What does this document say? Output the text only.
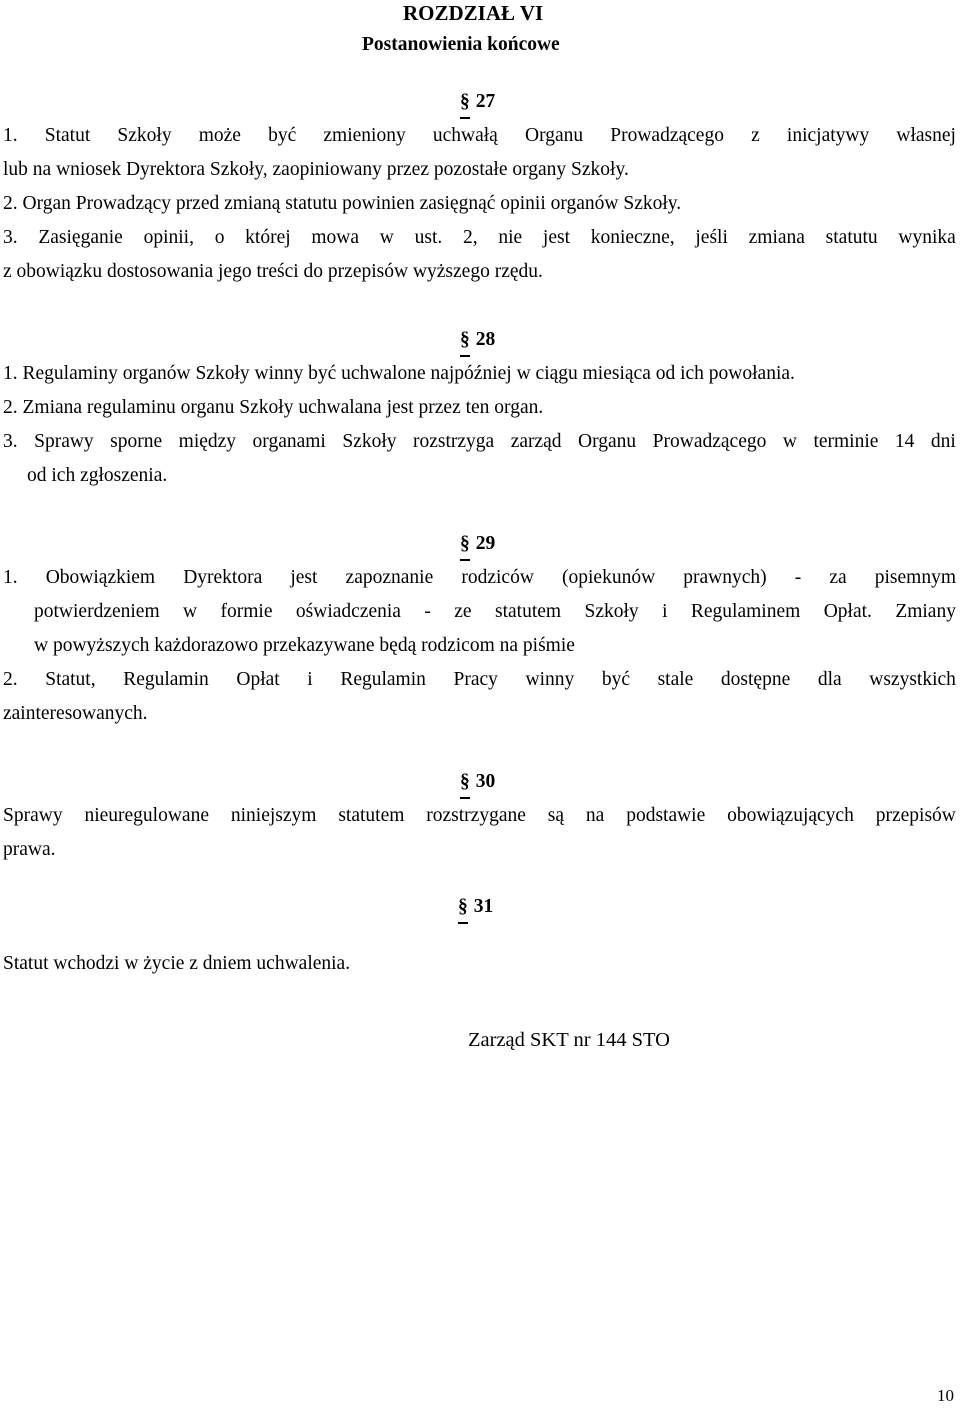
ROZDZIAŁ VI
Postanowienia końcowe
§ 27
1. Statut Szkoły może być zmieniony uchwałą Organu Prowadzącego z inicjatywy własnej
lub na wniosek Dyrektora Szkoły, zaopiniowany przez pozostałe organy Szkoły.
2. Organ Prowadzący przed zmianą statutu powinien zasięgnąć opinii organów Szkoły.
3. Zasięganie opinii, o której mowa w ust. 2, nie jest konieczne, jeśli zmiana statutu wynika
z obowiązku dostosowania jego treści do przepisów wyższego rzędu.
§ 28
1. Regulaminy organów Szkoły winny być uchwalone najpóźniej w ciągu miesiąca od ich powołania.
2. Zmiana regulaminu organu Szkoły uchwalana jest przez ten organ.
3. Sprawy sporne między organami Szkoły rozstrzyga zarząd Organu Prowadzącego w terminie 14 dni
od ich zgłoszenia.
§ 29
1. Obowiązkiem Dyrektora jest zapoznanie rodziców (opiekunów prawnych) - za pisemnym
potwierdzeniem w formie oświadczenia - ze statutem Szkoły i Regulaminem Opłat. Zmiany
w powyższych każdorazowo przekazywane będą rodzicom na piśmie
2. Statut, Regulamin Opłat i Regulamin Pracy winny być stale dostępne dla wszystkich
zainteresowanych.
§ 30
Sprawy nieuregulowane niniejszym statutem rozstrzygane są na podstawie obowiązujących przepisów
prawa.
§ 31
Statut wchodzi w życie z dniem uchwalenia.
Zarząd SKT nr 144 STO
10
